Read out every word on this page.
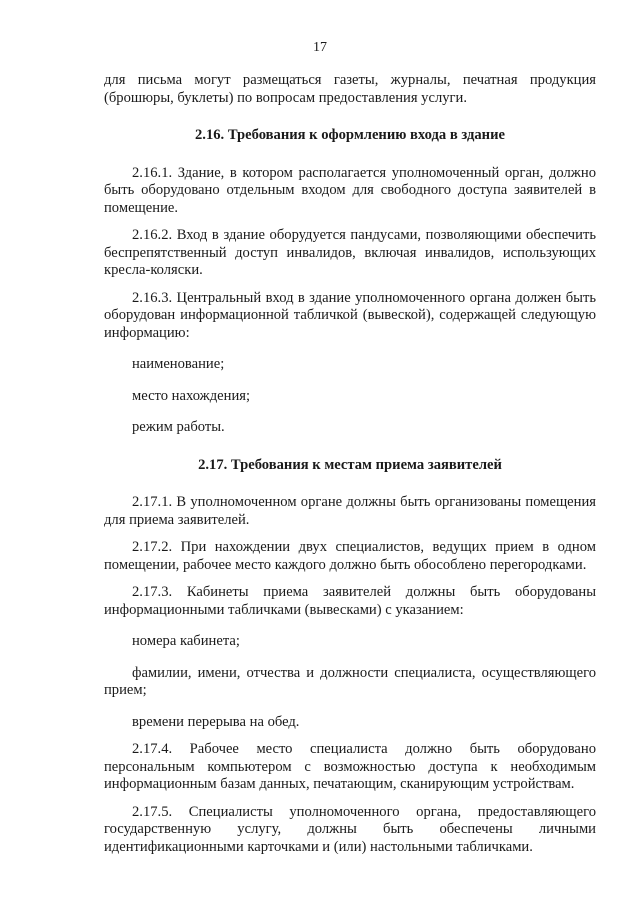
17

для письма могут размещаться газеты, журналы, печатная продукция (брошюры, буклеты) по вопросам предоставления услуги.

2.16. Требования к оформлению входа в здание

2.16.1. Здание, в котором располагается уполномоченный орган, должно быть оборудовано отдельным входом для свободного доступа заявителей в помещение.

2.16.2. Вход в здание оборудуется пандусами, позволяющими обеспечить беспрепятственный доступ инвалидов, включая инвалидов, использующих кресла-коляски.

2.16.3. Центральный вход в здание уполномоченного органа должен быть оборудован информационной табличкой (вывеской), содержащей следующую информацию:

наименование;

место нахождения;

режим работы.

2.17. Требования к местам приема заявителей

2.17.1. В уполномоченном органе должны быть организованы помещения для приема заявителей.

2.17.2. При нахождении двух специалистов, ведущих прием в одном помещении, рабочее место каждого должно быть обособлено перегородками.

2.17.3. Кабинеты приема заявителей должны быть оборудованы информационными табличками (вывесками) с указанием:

номера кабинета;

фамилии, имени, отчества и должности специалиста, осуществляющего прием;

времени перерыва на обед.

2.17.4. Рабочее место специалиста должно быть оборудовано персональным компьютером с возможностью доступа к необходимым информационным базам данных, печатающим, сканирующим устройствам.

2.17.5. Специалисты уполномоченного органа, предоставляющего государственную услугу, должны быть обеспечены личными идентификационными карточками и (или) настольными табличками.
